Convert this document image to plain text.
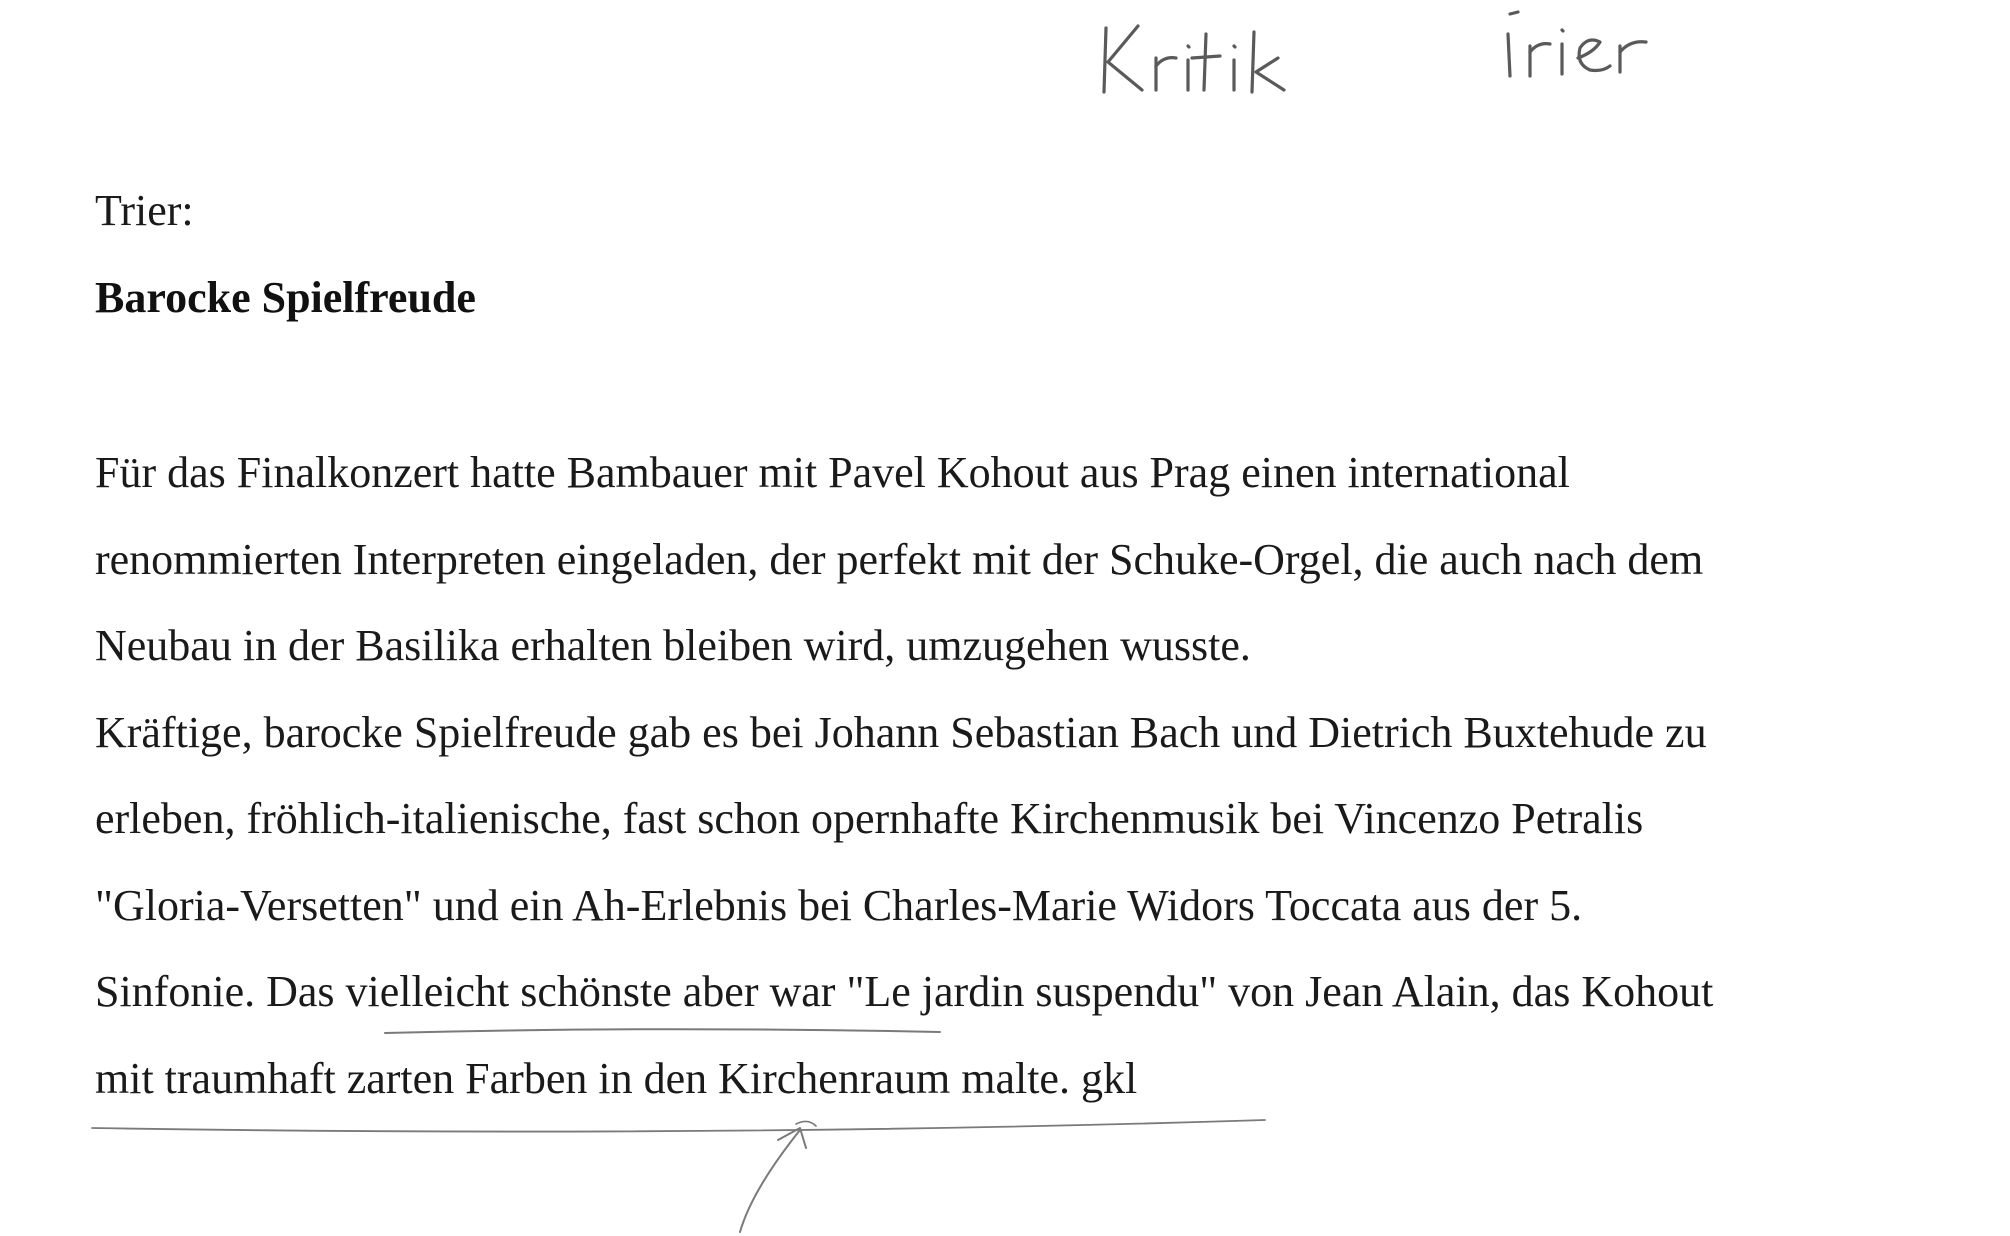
Trier:
Barocke Spielfreude
Für das Finalkonzert hatte Bambauer mit Pavel Kohout aus Prag einen international
renommierten Interpreten eingeladen, der perfekt mit der Schuke-Orgel, die auch nach dem
Neubau in der Basilika erhalten bleiben wird, umzugehen wusste.
Kräftige, barocke Spielfreude gab es bei Johann Sebastian Bach und Dietrich Buxtehude zu
erleben, fröhlich-italienische, fast schon opernhafte Kirchenmusik bei Vincenzo Petralis
"Gloria-Versetten" und ein Ah-Erlebnis bei Charles-Marie Widors Toccata aus der 5.
Sinfonie. Das vielleicht schönste aber war "Le jardin suspendu" von Jean Alain, das Kohout
mit traumhaft zarten Farben in den Kirchenraum malte. gkl
